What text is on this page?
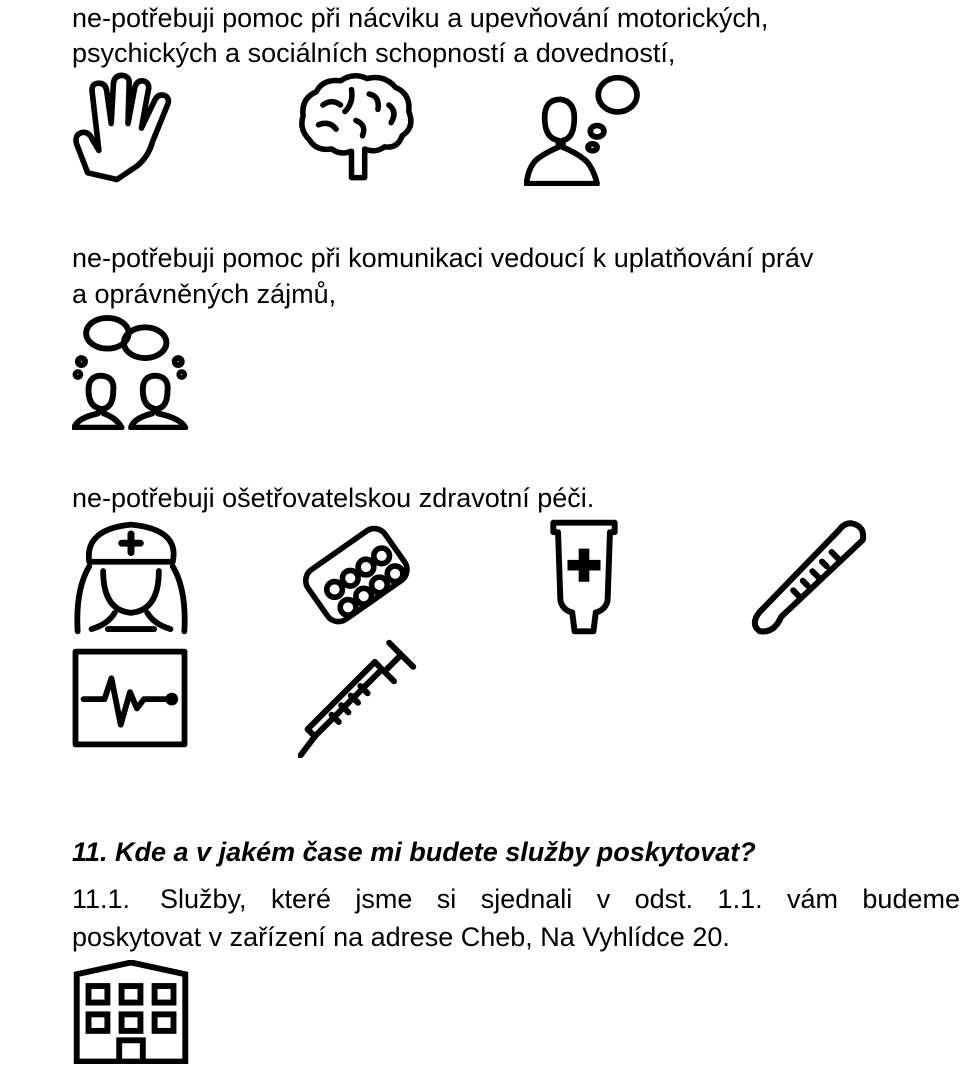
ne-potřebuji pomoc při nácviku a upevňování motorických,
psychických a sociálních schopností a dovedností,
ne-potřebuji pomoc při komunikaci vedoucí k uplatňování práv
a oprávněných zájmů,
ne-potřebuji ošetřovatelskou zdravotní péči.
11. Kde a v jakém čase mi budete služby poskytovat?
11.1. Služby, které jsme si sjednali v odst. 1.1. vám budeme
poskytovat v zařízení na adrese Cheb, Na Vyhlídce 20.
